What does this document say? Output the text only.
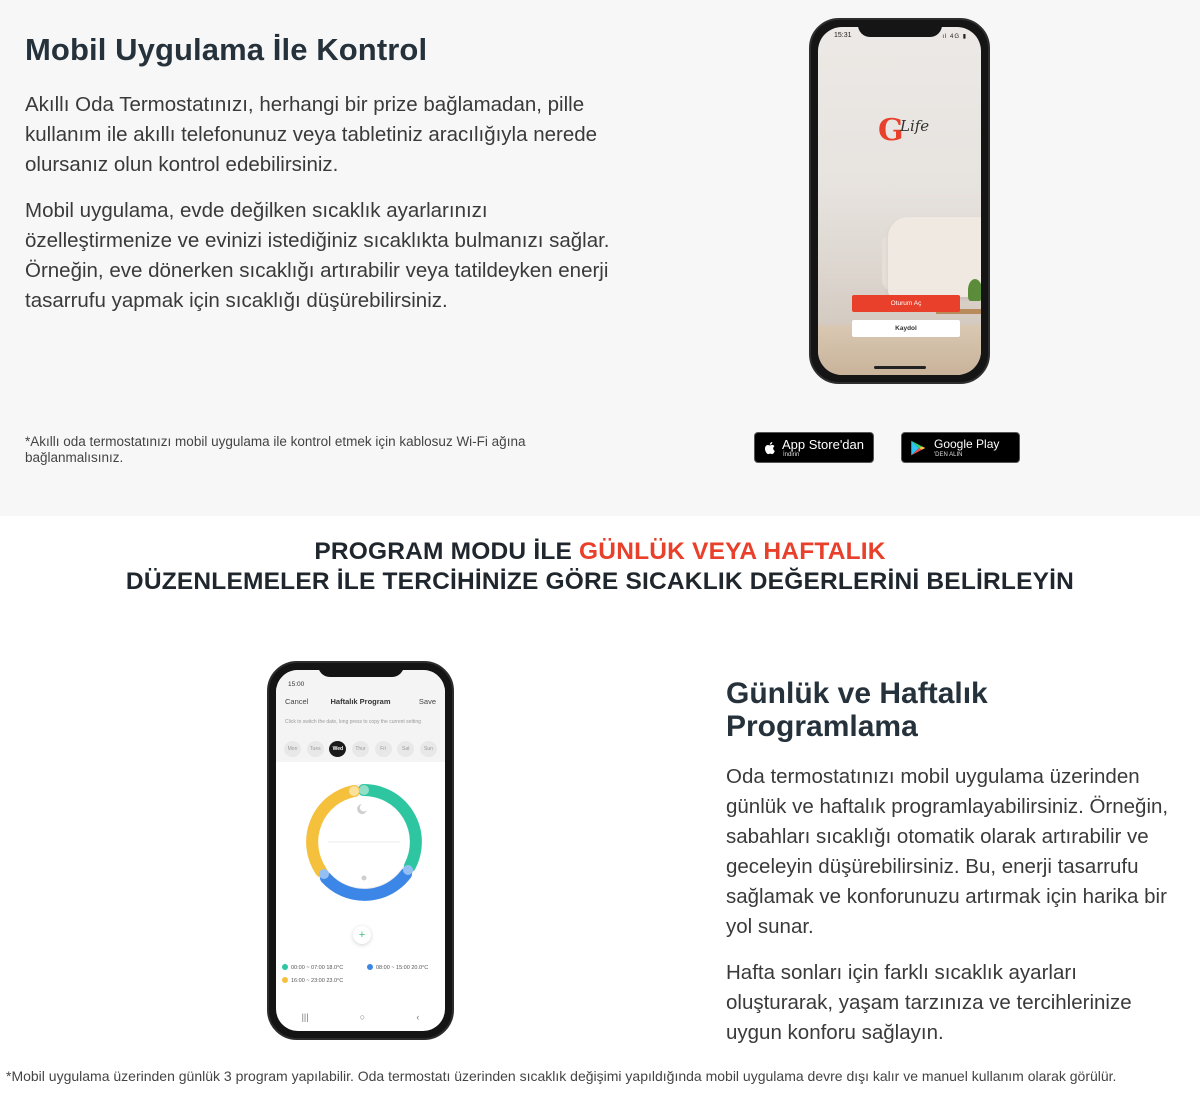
Mobil Uygulama İle Kontrol

Akıllı Oda Termostatınızı, herhangi bir prize bağlamadan, pille kullanım ile akıllı telefonunuz veya tabletiniz aracılığıyla nerede olursanız olun kontrol edebilirsiniz.

Mobil uygulama, evde değilken sıcaklık ayarlarınızı özelleştirmenize ve evinizi istediğiniz sıcaklıkta bulmanızı sağlar. Örneğin, eve dönerken sıcaklığı artırabilir veya tatildeyken enerji tasarrufu yapmak için sıcaklığı düşürebilirsiniz.

*Akıllı oda termostatınızı mobil uygulama ile kontrol etmek için kablosuz Wi-Fi ağına bağlanmalısınız.

15:31	ıl 4G ▮
G
Life
Oturum Aç
Kaydol
App Store'dan
İndirin
Google Play
'DEN ALIN
PROGRAM MODU İLE GÜNLÜK VEYA HAFTALIK
DÜZENLEMELER İLE TERCİHİNİZE GÖRE SICAKLIK DEĞERLERİNİ BELİRLEYİN
15:00
Cancel	Haftalık Program	Save
Click to switch the date, long press to copy the current setting
Mon	Tues	Wed	Thur	Fri	Sat	Sun
+
00:00 ~ 07:00 18.0°C	08:00 ~ 15:00 20.0°C
16:00 ~ 23:00 23.0°C
|||	○	‹
Günlük ve Haftalık Programlama

Oda termostatınızı mobil uygulama üzerinden günlük ve haftalık programlayabilirsiniz. Örneğin, sabahları sıcaklığı otomatik olarak artırabilir ve geceleyin düşürebilirsiniz. Bu, enerji tasarrufu sağlamak ve konforunuzu artırmak için harika bir yol sunar.

Hafta sonları için farklı sıcaklık ayarları oluşturarak, yaşam tarzınıza ve tercihlerinize uygun konforu sağlayın.

*Mobil uygulama üzerinden günlük 3 program yapılabilir. Oda termostatı üzerinden sıcaklık değişimi yapıldığında mobil uygulama devre dışı kalır ve manuel kullanım olarak görülür.
